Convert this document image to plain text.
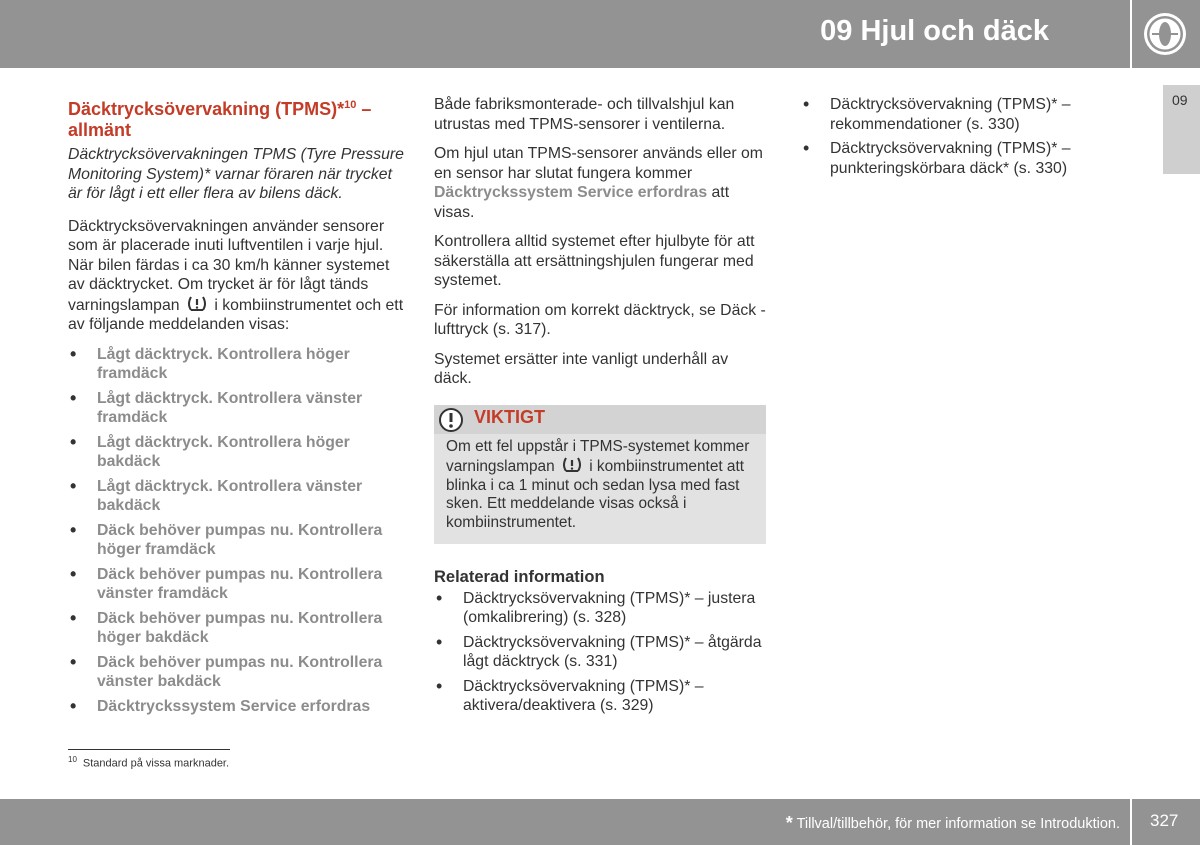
09 Hjul och däck
09
Däcktrycksövervakning (TPMS)*$^{10}$ –
allmänt

Däcktrycksövervakningen TPMS (Tyre Pressure Monitoring System)* varnar föraren när trycket är för lågt i ett eller flera av bilens däck.

Däcktrycksövervakningen använder sensorer som är placerade inuti luftventilen i varje hjul. När bilen färdas i ca 30 km/h känner systemet av däcktrycket. Om trycket är för lågt tänds varningslampan i kombiinstrumentet och ett av följande meddelanden visas:

• Lågt däcktryck. Kontrollera höger framdäck
• Lågt däcktryck. Kontrollera vänster framdäck
• Lågt däcktryck. Kontrollera höger bakdäck
• Lågt däcktryck. Kontrollera vänster bakdäck
• Däck behöver pumpas nu. Kontrollera höger framdäck
• Däck behöver pumpas nu. Kontrollera vänster framdäck
• Däck behöver pumpas nu. Kontrollera höger bakdäck
• Däck behöver pumpas nu. Kontrollera vänster bakdäck
• Däcktryckssystem Service erfordras

Både fabriksmonterade- och tillvalshjul kan utrustas med TPMS-sensorer i ventilerna.

Om hjul utan TPMS-sensorer används eller om en sensor har slutat fungera kommer Däcktryckssystem Service erfordras att visas.

Kontrollera alltid systemet efter hjulbyte för att säkerställa att ersättningshjulen fungerar med systemet.

För information om korrekt däcktryck, se Däck - lufttryck (s. 317).

Systemet ersätter inte vanligt underhåll av däck.

VIKTIGT
Om ett fel uppstår i TPMS-systemet kommer varningslampan i kombiinstrumentet att blinka i ca 1 minut och sedan lysa med fast sken. Ett meddelande visas också i kombiinstrumentet.
Relaterad information
• Däcktrycksövervakning (TPMS)* – justera (omkalibrering) (s. 328)
• Däcktrycksövervakning (TPMS)* – åtgärda lågt däcktryck (s. 331)
• Däcktrycksövervakning (TPMS)* – aktivera/deaktivera (s. 329)
• Däcktrycksövervakning (TPMS)* – rekommendationer (s. 330)
• Däcktrycksövervakning (TPMS)* – punkteringskörbara däck* (s. 330)
$^{10}$ Standard på vissa marknader.
* Tillval/tillbehör, för mer information se Introduktion. 327
